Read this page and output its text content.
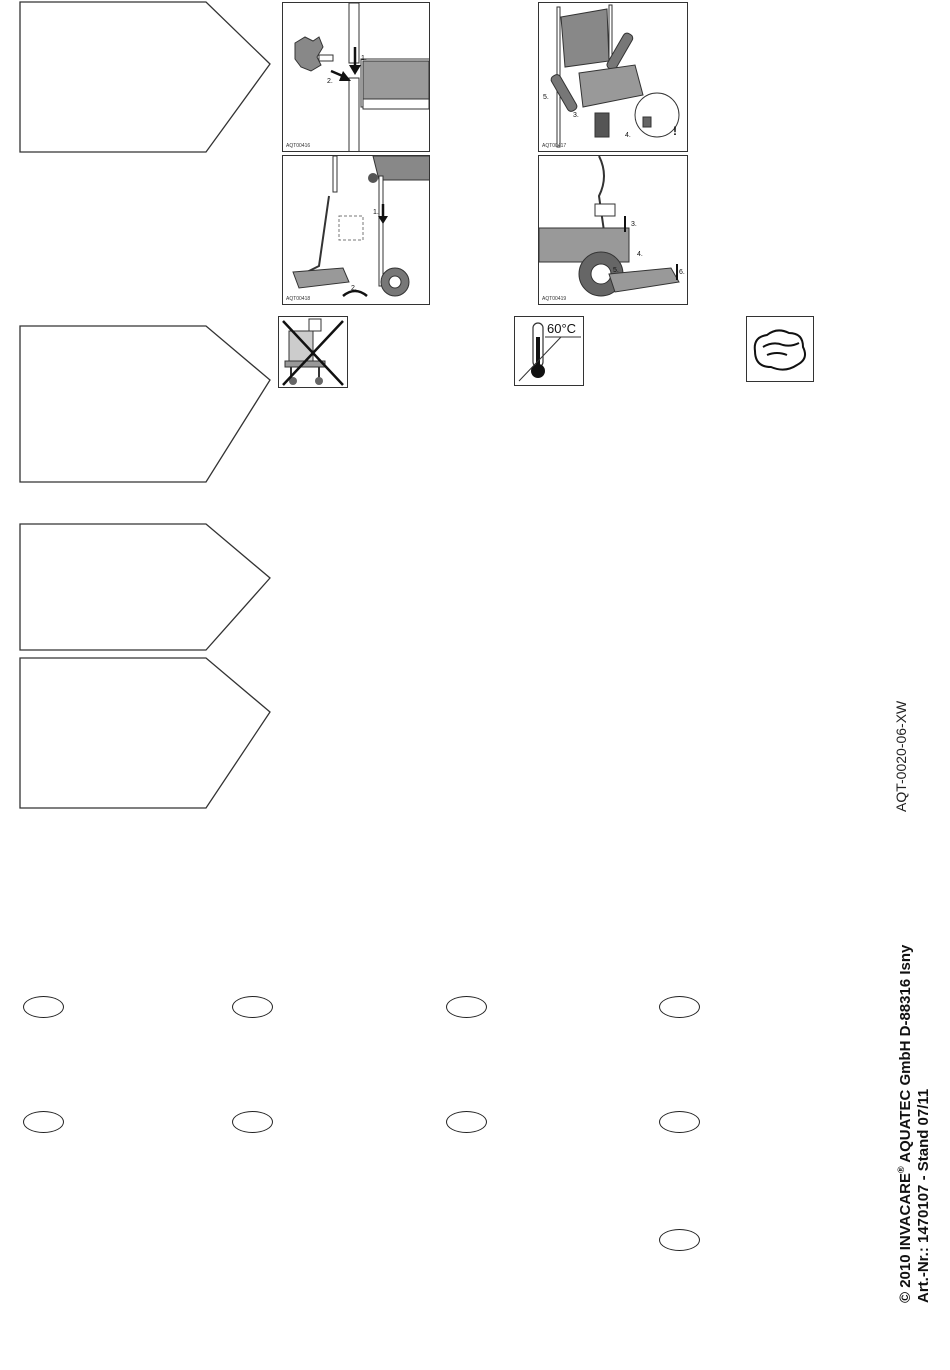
1.
2.
AQT00416
5.
3.
4.	!
AQT00417
1.
2.
AQT00418
3.
4.
5.	6.
AQT00419
60°C
AQT-0020-06-XW
© 2010 INVACARE® AQUATEC GmbH D-88316 Isny
Art.-Nr.: 1470107 - Stand 07/11
